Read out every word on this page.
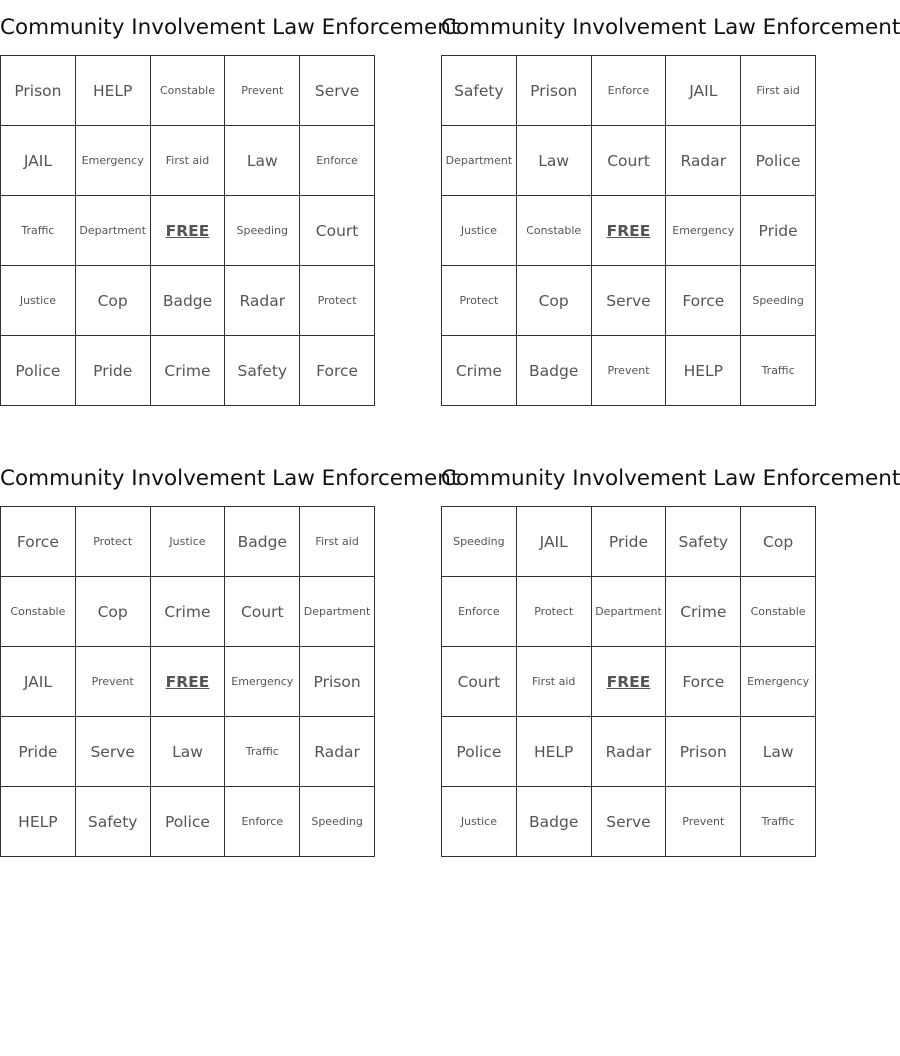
Community Involvement Law Enforcement
Prison	HELP	Constable	Prevent	Serve
JAIL	Emergency	First aid	Law	Enforce
Traffic	Department	FREE	Speeding	Court
Justice	Cop	Badge	Radar	Protect
Police	Pride	Crime	Safety	Force
Community Involvement Law Enforcement
Safety	Prison	Enforce	JAIL	First aid
Department	Law	Court	Radar	Police
Justice	Constable	FREE	Emergency	Pride
Protect	Cop	Serve	Force	Speeding
Crime	Badge	Prevent	HELP	Traffic
Community Involvement Law Enforcement
Force	Protect	Justice	Badge	First aid
Constable	Cop	Crime	Court	Department
JAIL	Prevent	FREE	Emergency	Prison
Pride	Serve	Law	Traffic	Radar
HELP	Safety	Police	Enforce	Speeding
Community Involvement Law Enforcement
Speeding	JAIL	Pride	Safety	Cop
Enforce	Protect	Department	Crime	Constable
Court	First aid	FREE	Force	Emergency
Police	HELP	Radar	Prison	Law
Justice	Badge	Serve	Prevent	Traffic
